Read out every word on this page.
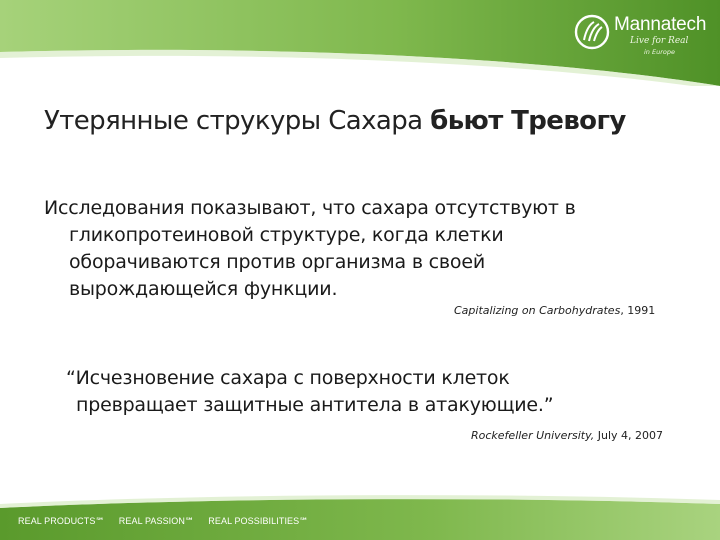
Mannatech
Live for Real
in Europe
Утерянные струкуры Сахара бьют Тревогу
Исследования показывают, что сахара отсутствуют в
гликопротеиновой структуре, когда клетки
оборачиваются против организма в своей
вырождающейся функции.
Capitalizing on Carbohydrates, 1991
“Исчезновение сахара с поверхности клеток
превращает защитные антитела в атакующие.”
Rockefeller University, July 4, 2007
REAL PRODUCTS℠ REAL PASSION℠ REAL POSSIBILITIES℠
